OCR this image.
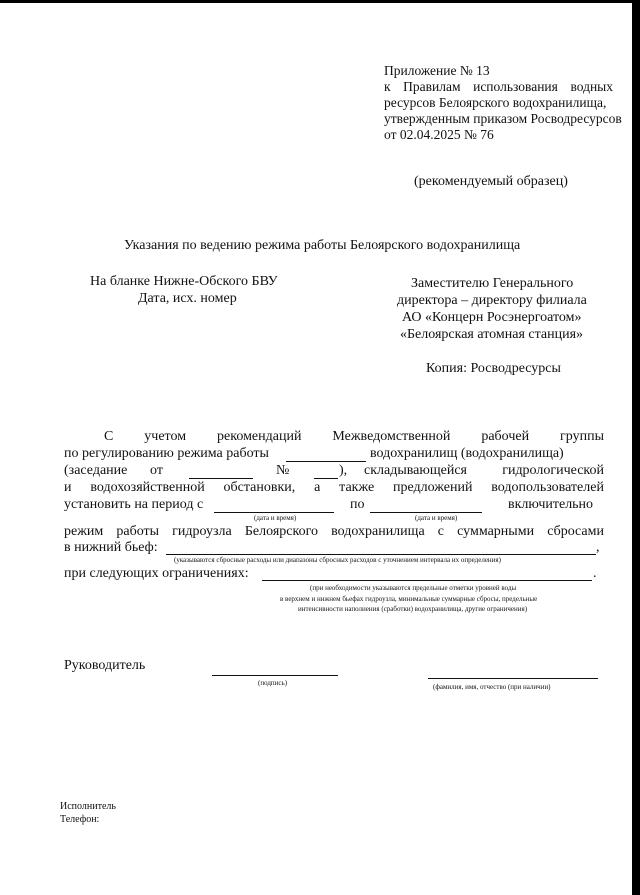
Приложение № 13
к Правилам использования водных
ресурсов Белоярского водохранилища,
утвержденным приказом Росводресурсов
от 02.04.2025 № 76
(рекомендуемый образец)
Указания по ведению режима работы Белоярского водохранилища
На бланке Нижне-Обского БВУ
Дата, исх. номер
Заместителю Генерального
директора – директору филиала
АО «Концерн Росэнергоатом»
«Белоярская атомная станция»
Копия: Росводресурсы
С учетом рекомендаций Межведомственной рабочей группы
по регулированию режима работы	водохранилищ (водохранилища)
(заседание от	№	), складывающейся	гидрологической
и водохозяйственной обстановки, а также предложений водопользователей
установить на период с	по	включительно
(дата и время)	(дата и время)
режим работы гидроузла Белоярского водохранилища с суммарными сбросами
в нижний бьеф:	,
(указываются сбросные расходы или диапазоны сбросных расходов с уточнением интервала их определения)
при следующих ограничениях:	.
(при необходимости указываются предельные отметки уровней воды
в верхнем и нижнем бьефах гидроузла, минимальные суммарные сбросы, предельные
интенсивности наполнения (сработки) водохранилища, другие ограничения)
Руководитель
(подпись)	(фамилия, имя, отчество (при наличии)
Исполнитель
Телефон:
